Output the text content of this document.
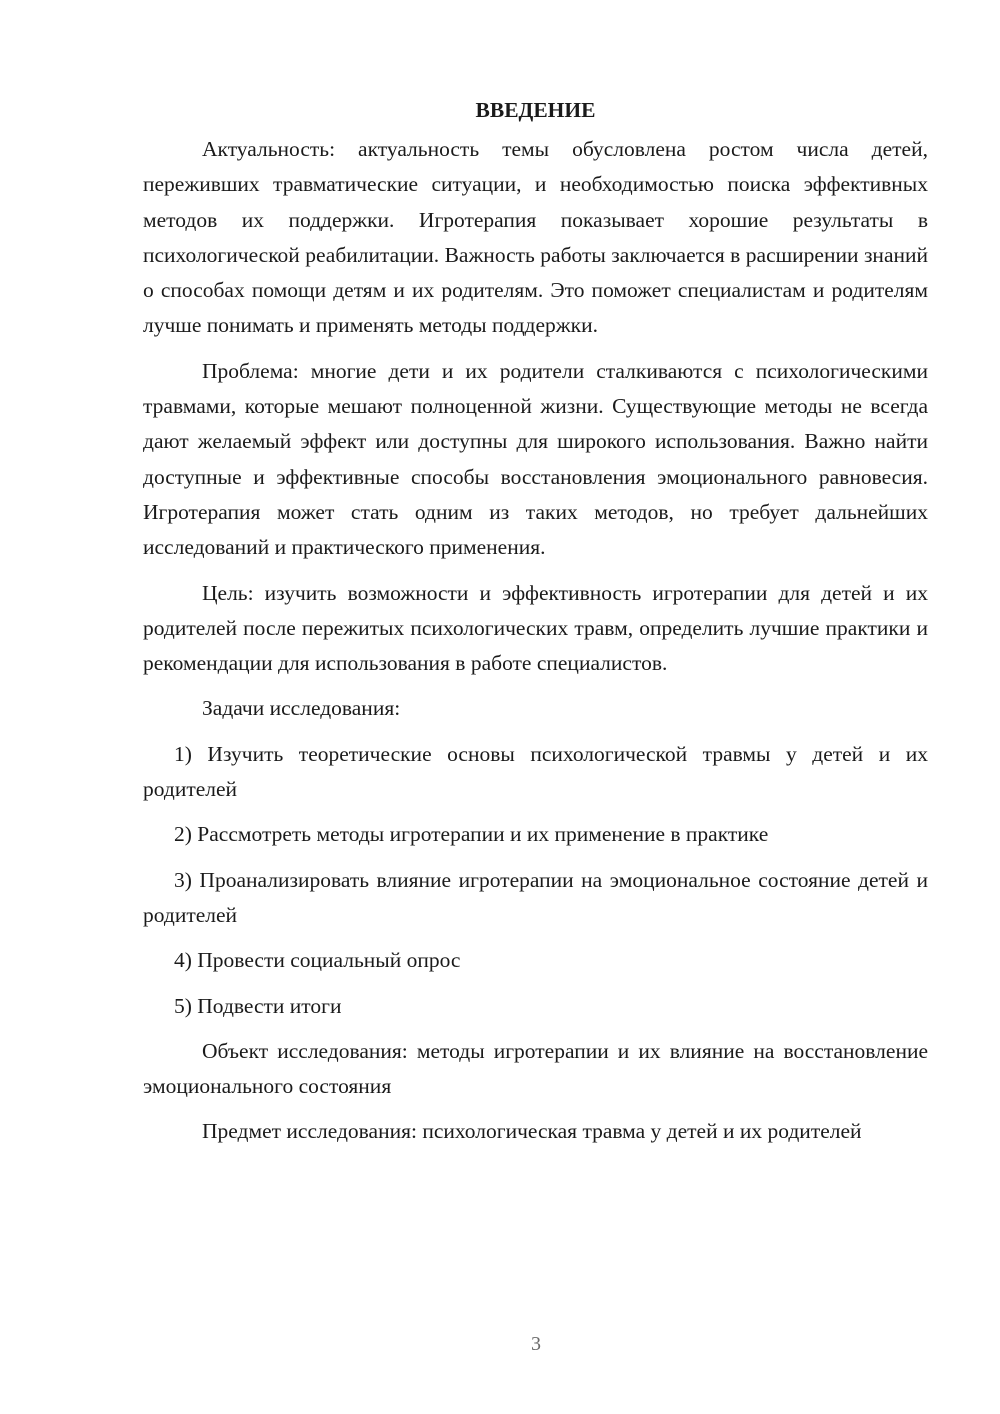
ВВЕДЕНИЕ

Актуальность: актуальность темы обусловлена ростом числа детей, переживших травматические ситуации, и необходимостью поиска эффективных методов их поддержки. Игротерапия показывает хорошие результаты в психологической реабилитации. Важность работы заключается в расширении знаний о способах помощи детям и их родителям. Это поможет специалистам и родителям лучше понимать и применять методы поддержки.

Проблема: многие дети и их родители сталкиваются с психологическими травмами, которые мешают полноценной жизни. Существующие методы не всегда дают желаемый эффект или доступны для широкого использования. Важно найти доступные и эффективные способы восстановления эмоционального равновесия. Игротерапия может стать одним из таких методов, но требует дальнейших исследований и практического применения.

Цель: изучить возможности и эффективность игротерапии для детей и их родителей после пережитых психологических травм, определить лучшие практики и рекомендации для использования в работе специалистов.

Задачи исследования:

1) Изучить теоретические основы психологической травмы у детей и их родителей

2) Рассмотреть методы игротерапии и их применение в практике

3) Проанализировать влияние игротерапии на эмоциональное состояние детей и родителей

4) Провести социальный опрос

5) Подвести итоги

Объект исследования: методы игротерапии и их влияние на восстановление эмоционального состояния

Предмет исследования: психологическая травма у детей и их родителей

3
